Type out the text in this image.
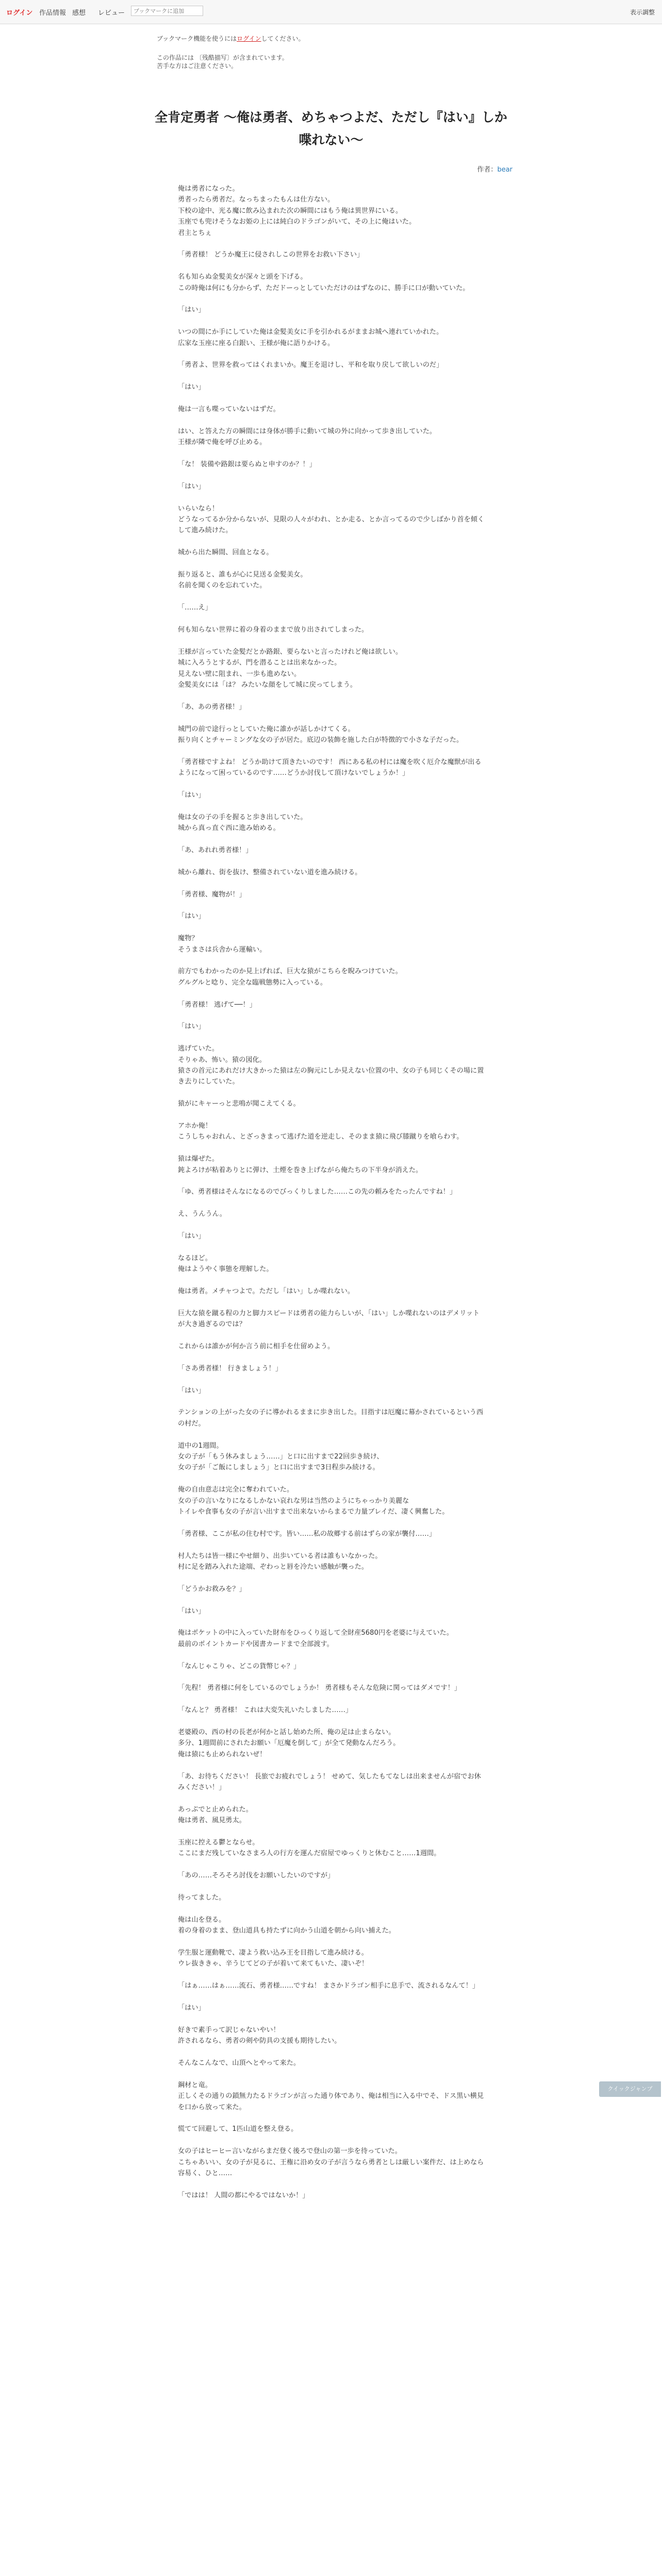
ログイン 作品情報 感想 レビュー
ブックマークに追加	表示調整
ブックマーク機能を使うにはログインしてください。

この作品には 〔残酷描写〕が含まれています。

苦手な方はご注意ください。

全肯定勇者 ～俺は勇者、めちゃつよだ、ただし『はい』しか喋れない～
作者：bear

俺は勇者になった。

勇者ったら勇者だ。なっちまったもんは仕方ない。

下校の途中、光る魔に飲み込まれた次の瞬間にはもう俺は異世界にいる。

玉座でも兜けそうなお姫の上には純白のドラゴンがいて、その上に俺はいた。

君主とちぇ

「勇者様！ どうか魔王に侵されしこの世界をお救い下さい」

名も知らぬ金髪美女が深々と頭を下げる。

この時俺は何にも分からず、ただドーっとしていただけのはずなのに、勝手に口が動いていた。

「はい」

いつの間にか手にしていた俺は金髪美女に手を引かれるがままお城へ連れていかれた。

広家な玉座に座る白銀い、王様が俺に語りかける。

「勇者よ、世界を救ってはくれまいか。魔王を退けし、平和を取り戻して欲しいのだ」

「はい」

俺は一言も喋っていないはずだ。

はい、と答えた方の瞬間には身体が勝手に動いて城の外に向かって歩き出していた。

王様が隣で俺を呼び止める。

「な！ 装備や路銀は要らぬと申すのか？！」

「はい」

いらいなら！

どうなってるか分からないが、見限の人々がわれ、とか走る、とか言ってるので少しばかり首を傾くして進み続けた。

城から出た瞬間、回血となる。

振り返ると、誰もが心に見送る金髪美女。

名前を聞くのを忘れていた。

「……え」

何も知らない世界に着の身着のままで放り出されてしまった。

王様が言っていた金髪だとか路銀、要らないと言ったけれど俺は欲しい。

城に入ろうとするが、門を潜ることは出来なかった。

見えない壁に阻まれ、一歩も進めない。

金髪美女には「は？ みたいな顔をして城に戻ってしまう。

「あ、あの勇者様！」

城門の前で途行っとしていた俺に誰かが話しかけてくる。

振り向くとチャーミングな女の子が居た。底辺の装飾を施した白が特徴的で小さな子だった。

「勇者様ですよね！ どうか助けて頂きたいのです！ 西にある私の村には魔を吹く厄介な魔獣が出るようになって困っているのです……どうか討伐して頂けないでしょうか！」

「はい」

俺は女の子の手を握ると歩き出していた。

城から真っ直ぐ西に進み始める。

「あ、あれれ勇者様！」

城から離れ、街を抜け、整備されていない道を進み続ける。

「勇者様、魔物が！」

「はい」

魔物？

そうまさは兵舎から運輸い。

前方でもわかったのか見上げれば、巨大な猿がこちらを睨みつけていた。

グルグルと唸り、完全な臨戦態勢に入っている。

「勇者様！ 逃げて──！」

「はい」

逃げていた。

そりゃあ、怖い。猿の図化。

猿さの首元にあれだけ大きかった猿は左の胸元にしか見えない位置の中、女の子も同じくその場に置き去りにしていた。

猿がにキャーっと悲鳴が聞こえてくる。

アホか俺！

こうしちゃおれん、とざっきまって逃げた道を逆走し、そのまま猿に飛び膝蹴りを喰らわす。

猿は爆ぜた。

鈍よろけが粘着ありとに弾け、土煙を巻き上げながら俺たちの下半身が消えた。

「ゆ、勇者様はそんなになるのでびっくりしました……この先の頼みをたったんですね！」

え、うんうん。

「はい」

なるほど。

俺はようやく事態を理解した。

俺は勇者。メチャつよで。ただし「はい」しか喋れない。

巨大な猿を蹴る程の力と脚力スピードは勇者の能力らしいが、「はい」しか喋れないのはデメリットが大き過ぎるのでは？

これからは誰かが何か言う前に相手を仕留めよう。

「さあ勇者様！ 行きましょう！」

「はい」

テンションの上がった女の子に導かれるままに歩き出した。目指すは厄魔に幕かされているという西の村だ。

道中の1週間。

女の子が「もう休みましょう……」と口に出すまで22回歩き続け、

女の子が「ご飯にしましょう」と口に出すまで3日程歩み続ける。

俺の自由意志は完全に奪われていた。

女の子の言いなりになるしかない哀れな男は当然のようにちゃっかり美麗な

トイレや食事も女の子が言い出すまで出来ないからまるで力量ブレイだ、凄く興奮した。

「勇者様、ここが私の住む村です。皆い……私の故郷する前はずらの家が襲付……」

村人たちは皆一様にやせ細り、出歩いている者は誰もいなかった。

村に足を踏み入れた途端、ぞわっと唇を冷たい感触が襲った。

「どうかお救みを？」

「はい」

俺はポケットの中に入っていた財布をひっくり返して全財産5680円を老婆に与えていた。

最前のポイントカードや図書カードまで全部渡す。

「なんじゃこりゃ、どこの貨幣じゃ？」

「先程！ 勇者様に何をしているのでしょうか！ 勇者様もそんな危険に関ってはダメです！」

「なんと？ 勇者様！ これは大変失礼いたしました……」

老婆殿の、西の村の長老が何かと話し始めた所、俺の足は止まらない。

多分、1週間前にされたお願い「厄魔を倒して」が全て発動なんだろう。

俺は猿にも止められないぜ！

「あ、お待ちください！ 長旅でお疲れでしょう！ せめて、気したもてなしは出来ませんが宿でお休みください！」

あっぷでと止められた。

俺は勇者、風見勇太。

玉座に控える鬱とならせ。

ここにまだ残していなさまろ人の行方を運んだ宿屋でゆっくりと休むこと……1週間。

「あの……そろそろ討伐をお願いしたいのですが」

待ってました。

俺は山を登る。

着の身着のまま、登山道具も持たずに向かう山道を朝から向い捕えた。

学生服と運動靴で、凄よう救い込み王を目指して進み続ける。

ウレ抜ききゃ、辛うじてどの子が着いて来てもいた、凄いぞ！

「はぁ……はぁ……流石、勇者様……ですね！ まさかドラゴン相手に息手で、流されるなんて！」

「はい」

好きで素手って訳じゃないやい！

許されるなら、勇者の剣や防具の支援も期待したい。

そんなこんなで、山頂へとやって来た。

鋼材と竜。

正しくその通りの鎖無力たるドラゴンが言った通り体であり、俺は相当に入る中でそ、ドス黒い横見を口から放って来た。

慌てて回避して、1匹山道を整え登る。

女の子はヒーヒー言いながらまだ登く後ろで登山の第一歩を待っていた。

こちゃあいい、女の子が見るに、王権に沿め女の子が言うなら勇者としは厳しい案件だ、は上めなら容易く、ひと……

「ではは！ 人間の都にやるではないか！」

クイックジャンプ
